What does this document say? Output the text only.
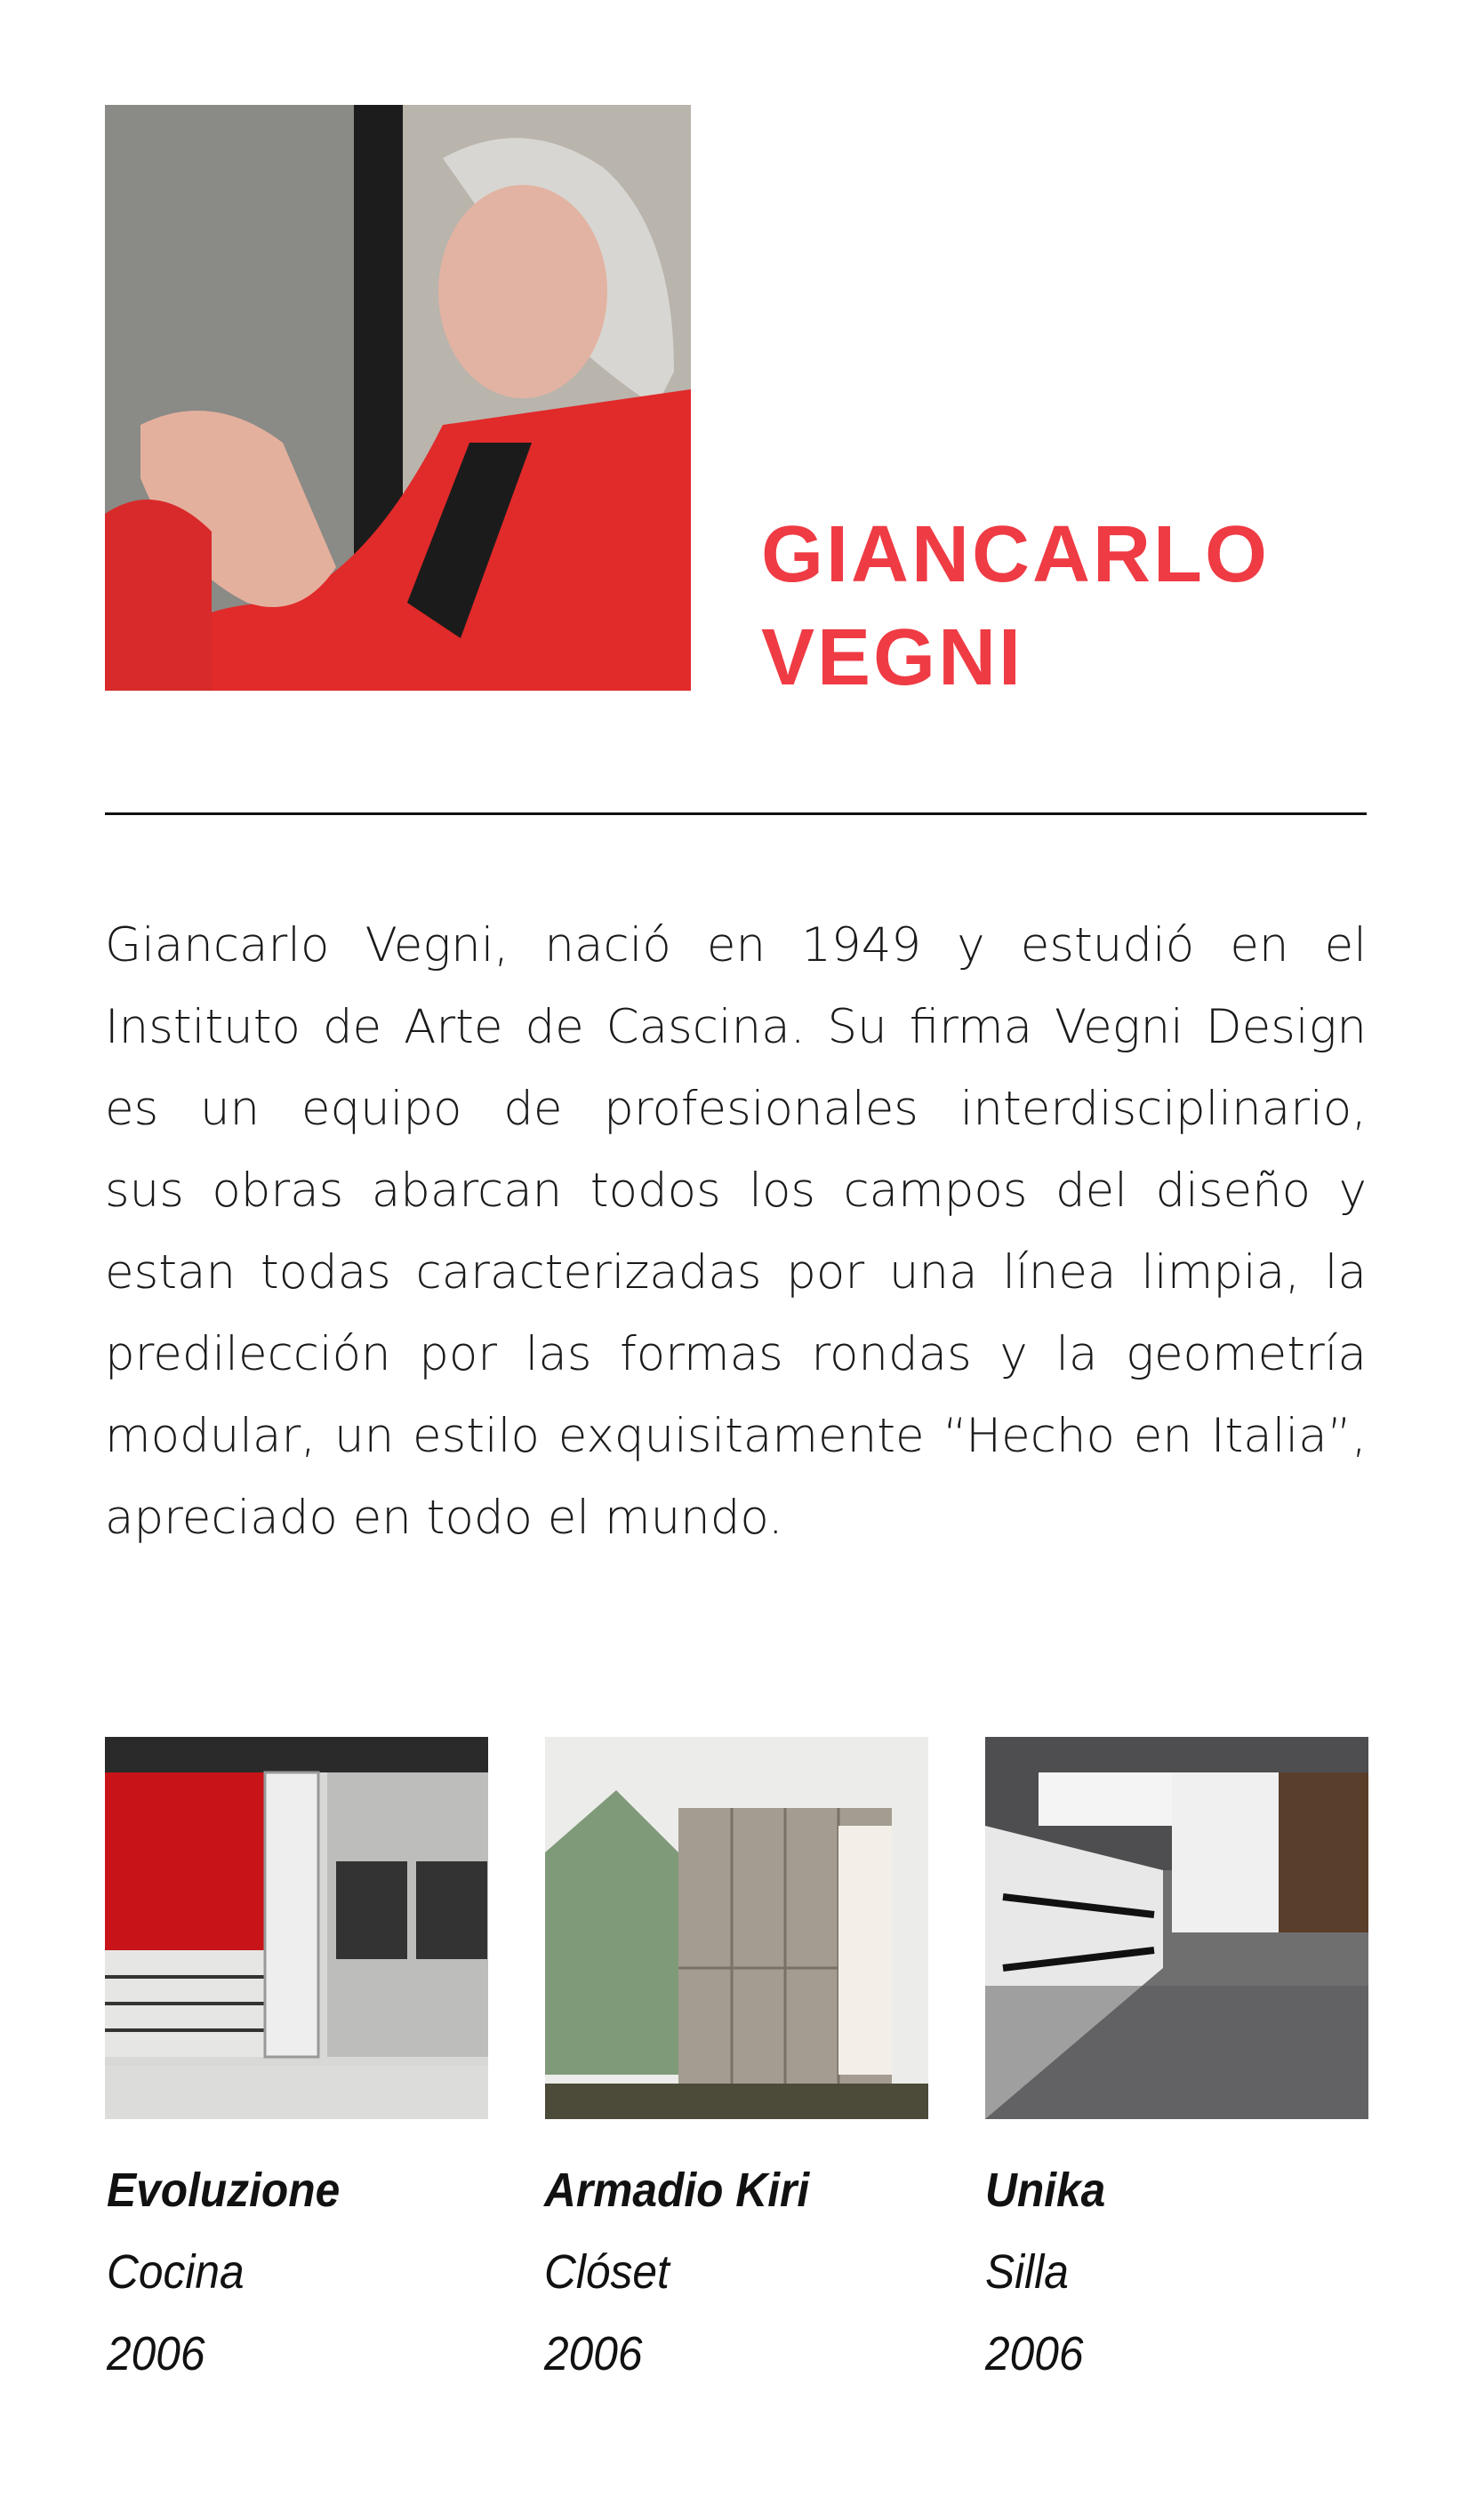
GIANCARLO
VEGNI
Giancarlo Vegni, nació en 1949 y estudió en el
Instituto de Arte de Cascina. Su firma Vegni Design
es un equipo de profesionales interdisciplinario,
sus obras abarcan todos los campos del diseño y
estan todas caracterizadas por una línea limpia, la
predilección por las formas rondas y la geometría
modular, un estilo exquisitamente “Hecho en Italia”,
apreciado en todo el mundo.
Evoluzione
Cocina
2006
Armadio Kiri
Clóset
2006
Unika
Silla
2006
